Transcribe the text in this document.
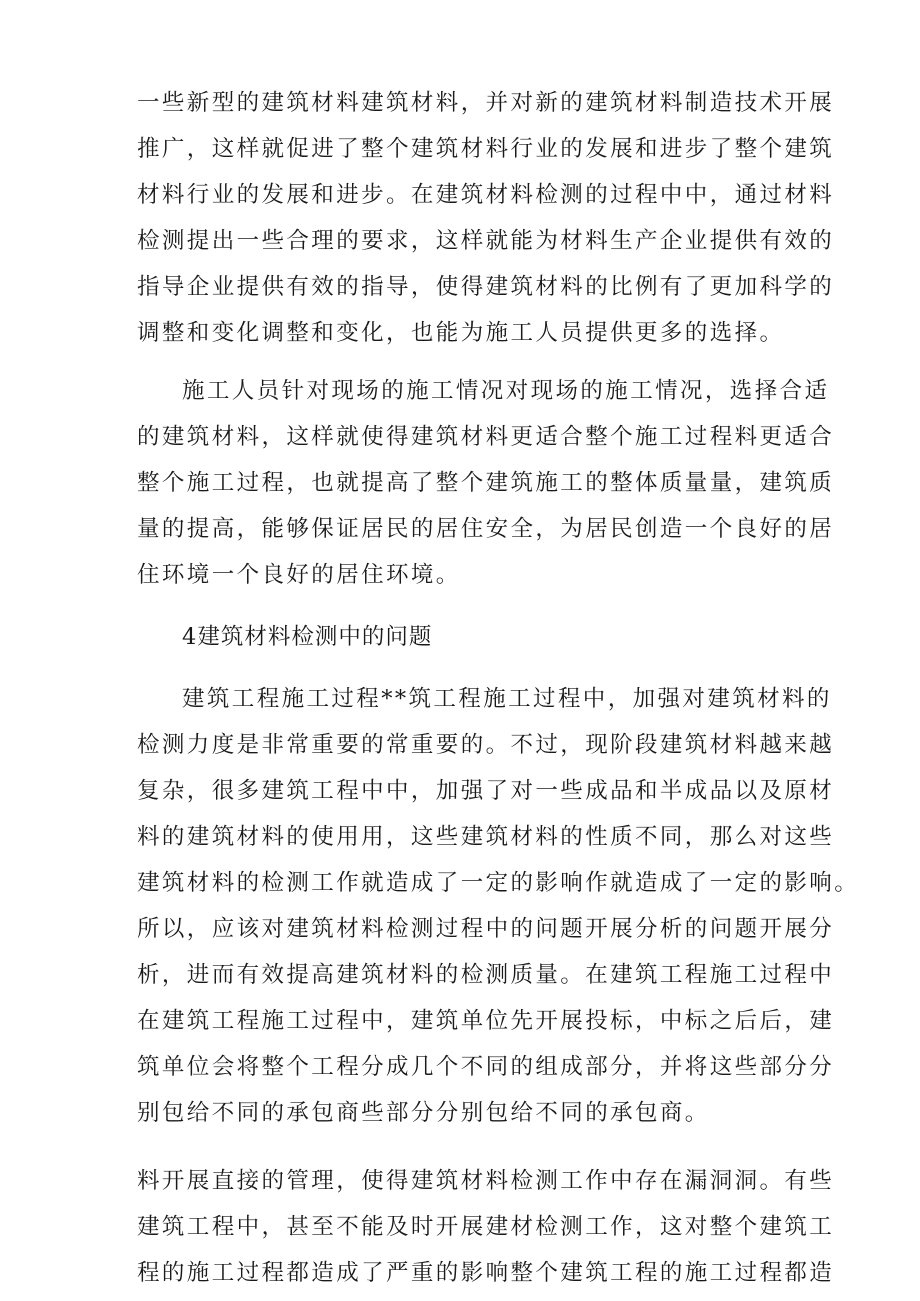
一些新型的建筑材料建筑材料，并对新的建筑材料制造技术开展
推广，这样就促进了整个建筑材料行业的发展和进步了整个建筑
材料行业的发展和进步。在建筑材料检测的过程中中，通过材料
检测提出一些合理的要求，这样就能为材料生产企业提供有效的
指导企业提供有效的指导，使得建筑材料的比例有了更加科学的
调整和变化调整和变化，也能为施工人员提供更多的选择。
施工人员针对现场的施工情况对现场的施工情况，选择合适
的建筑材料，这样就使得建筑材料更适合整个施工过程料更适合
整个施工过程，也就提高了整个建筑施工的整体质量量，建筑质
量的提高，能够保证居民的居住安全，为居民创造一个良好的居
住环境一个良好的居住环境。
4建筑材料检测中的问题
建筑工程施工过程**筑工程施工过程中，加强对建筑材料的
检测力度是非常重要的常重要的。不过，现阶段建筑材料越来越
复杂，很多建筑工程中中，加强了对一些成品和半成品以及原材
料的建筑材料的使用用，这些建筑材料的性质不同，那么对这些
建筑材料的检测工作就造成了一定的影响作就造成了一定的影响。
所以，应该对建筑材料检测过程中的问题开展分析的问题开展分
析，进而有效提高建筑材料的检测质量。在建筑工程施工过程中
在建筑工程施工过程中，建筑单位先开展投标，中标之后后，建
筑单位会将整个工程分成几个不同的组成部分，并将这些部分分
别包给不同的承包商些部分分别包给不同的承包商。
料开展直接的管理，使得建筑材料检测工作中存在漏洞洞。有些
建筑工程中，甚至不能及时开展建材检测工作，这对整个建筑工
程的施工过程都造成了严重的影响整个建筑工程的施工过程都造
